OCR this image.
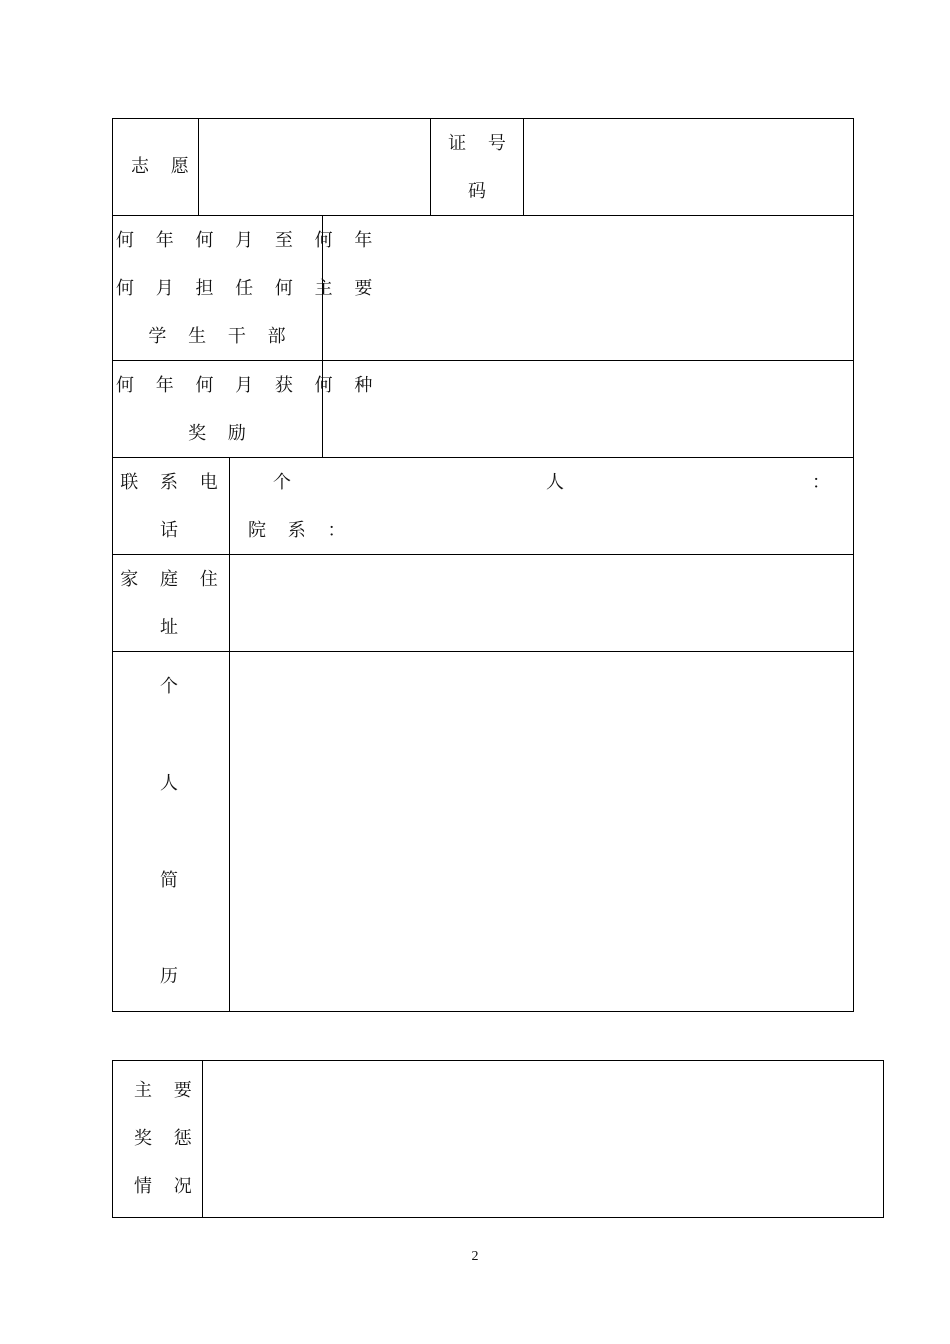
志 愿
证 号
码
何 年 何 月 至 何 年
何 月 担 任 何 主 要
学 生 干 部
何 年 何 月 获 何 种
奖 励
联 系 电
话
个	人	：
院 系 ：
家 庭 住
址
个
人
简
历
主 要
奖 惩
情 况
2
